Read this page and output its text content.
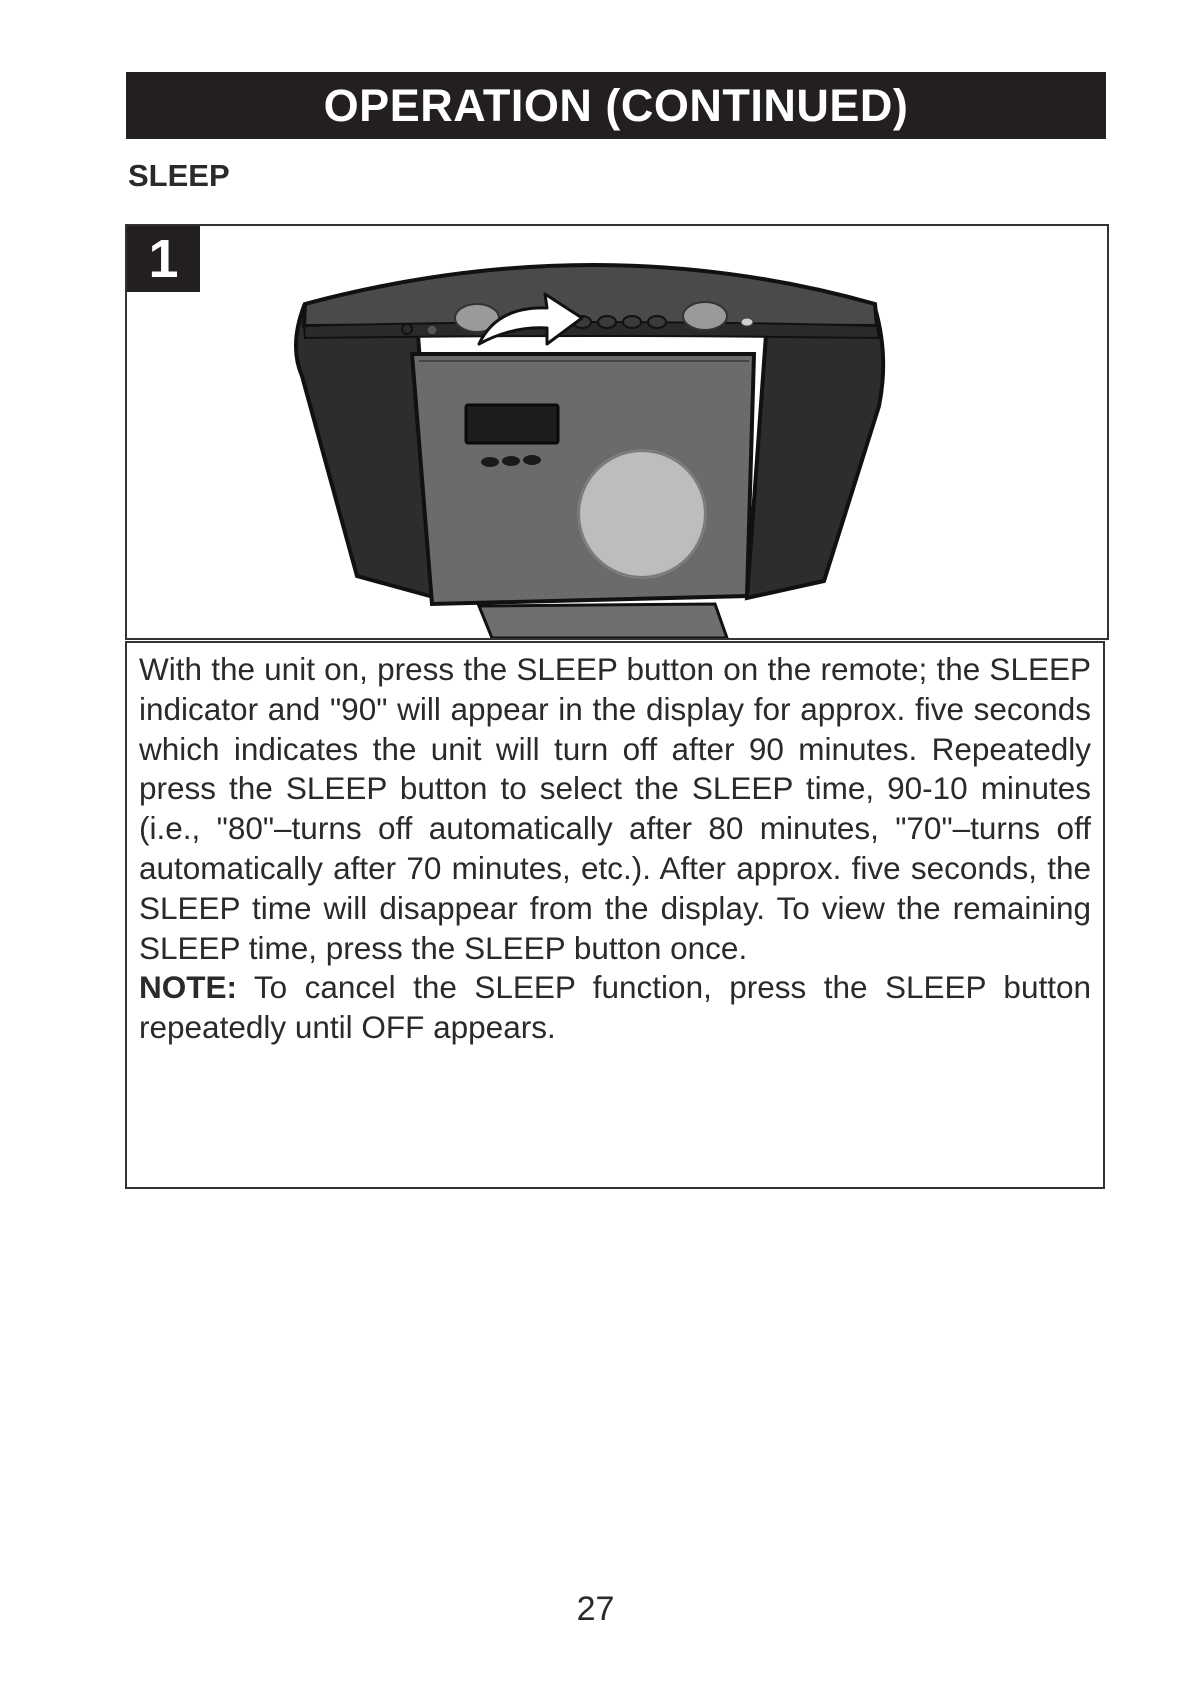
OPERATION (CONTINUED)
SLEEP
1

With the unit on, press the SLEEP button on the remote; the SLEEP indicator and "90" will appear in the display for approx. five seconds which indicates the unit will turn off after 90 minutes. Repeatedly press the SLEEP button to select the SLEEP time, 90-10 minutes (i.e., "80"–turns off automatically after 80 minutes, "70"–turns off automatically after 70 minutes, etc.). After approx. five seconds, the SLEEP time will disappear from the display. To view the remaining SLEEP time, press the SLEEP button once.
NOTE: To cancel the SLEEP function, press the SLEEP button repeatedly until OFF appears.

27
